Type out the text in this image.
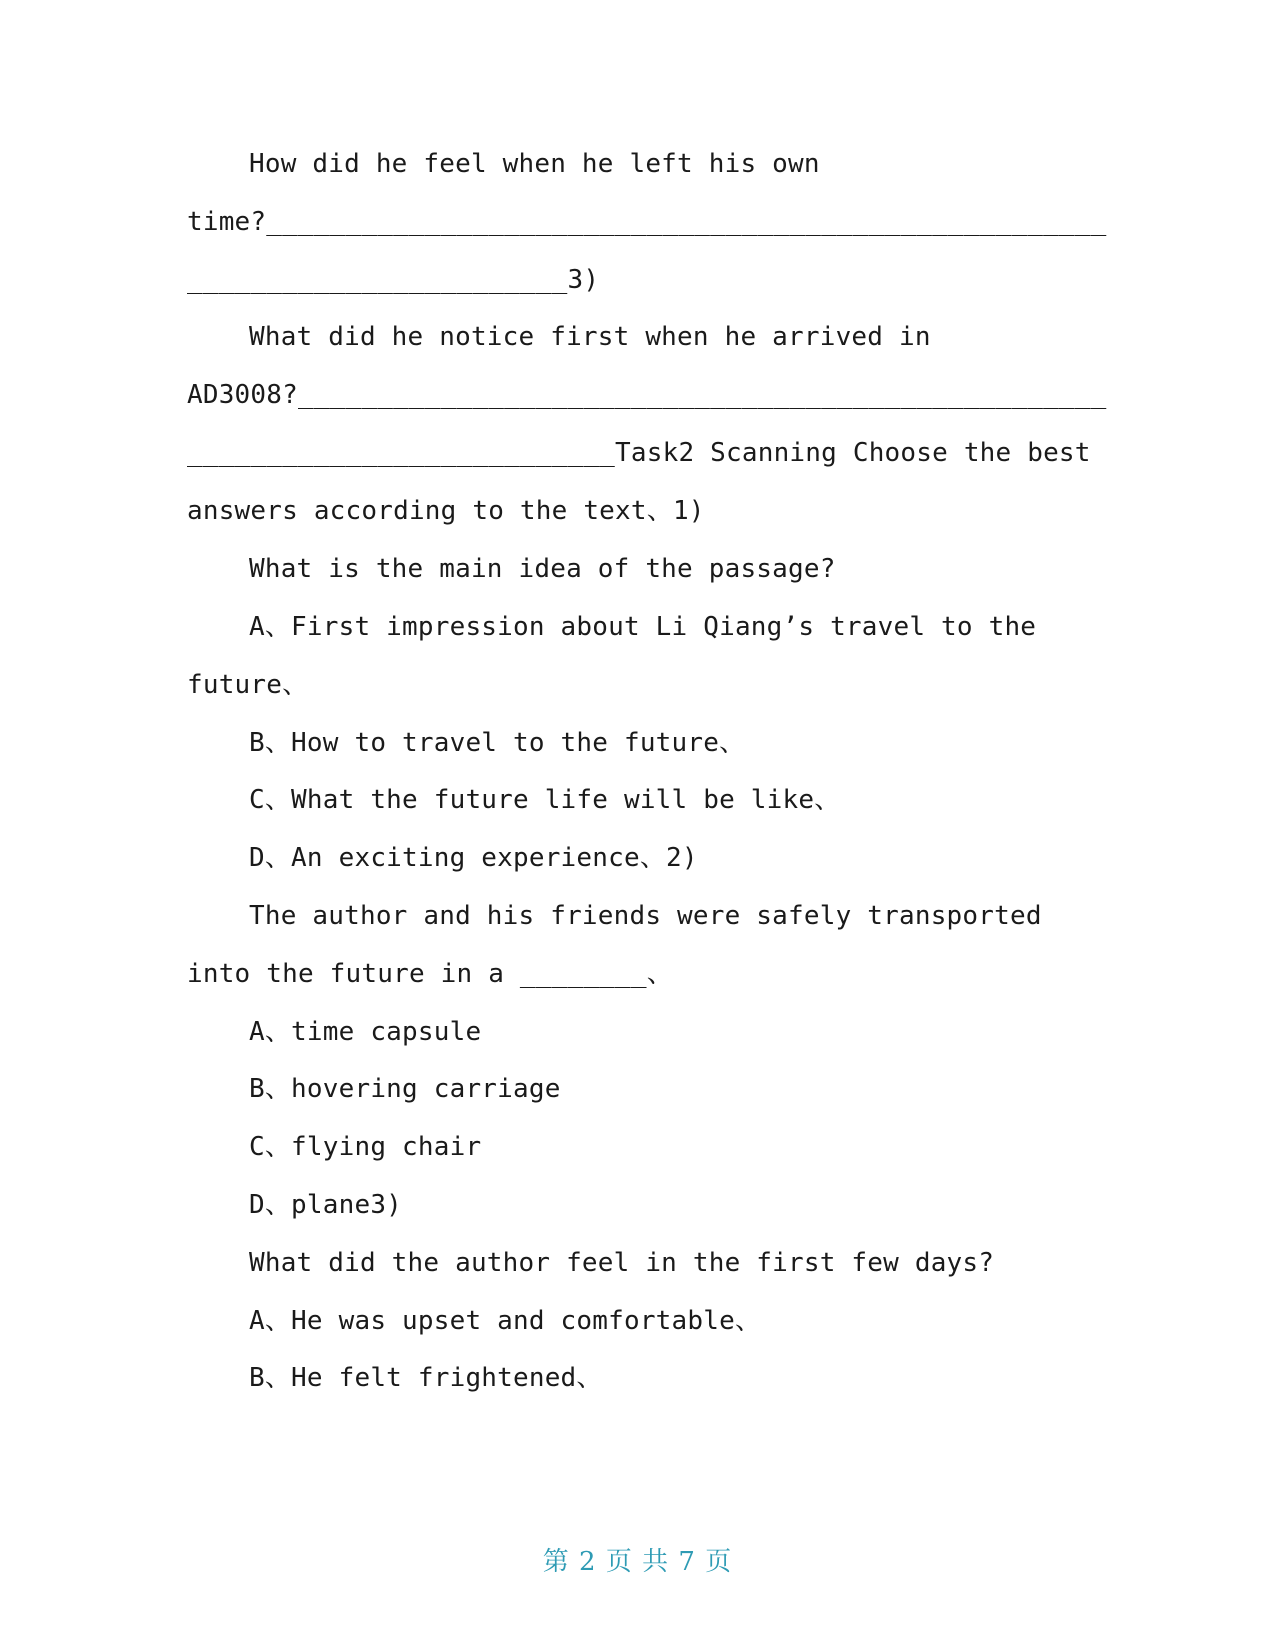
How did he feel when he left his own
time?_____________________________________________________
________________________3)
What did he notice first when he arrived in
AD3008?___________________________________________________
___________________________Task2 Scanning Choose the best
answers according to the text、1)
What is the main idea of the passage?
A、First impression about Li Qiang’s travel to the
future、
B、How to travel to the future、
C、What the future life will be like、
D、An exciting experience、2)
The author and his friends were safely transported
into the future in a ________、
A、time capsule
B、hovering carriage
C、flying chair
D、plane3)
What did the author feel in the first few days?
A、He was upset and comfortable、
B、He felt frightened、
第 2 页 共 7 页
